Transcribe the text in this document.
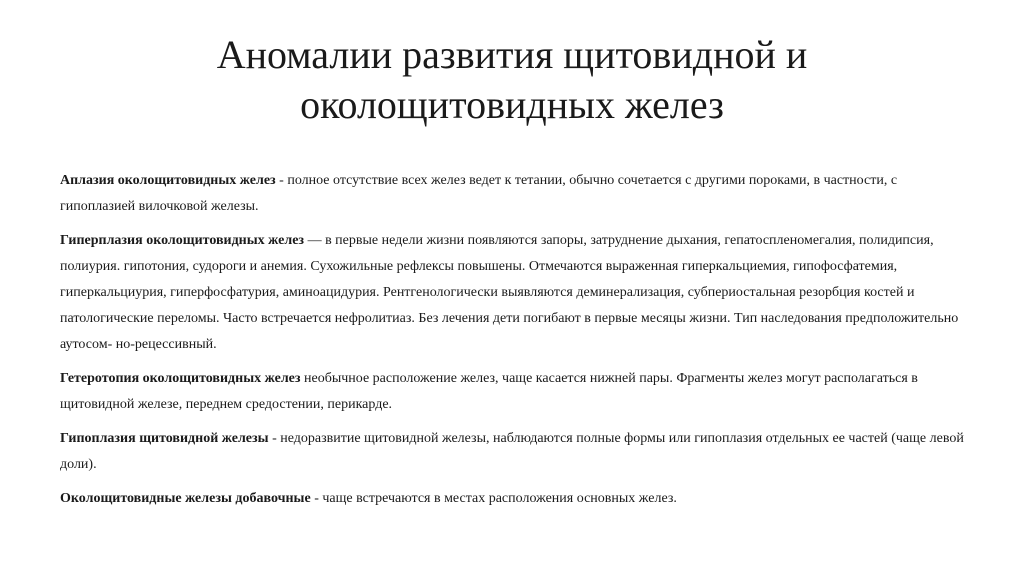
Аномалии развития щитовидной и околощитовидных желез

Аплазия околощитовидных желез - полное отсутствие всех желез ведет к тетании, обычно сочетается с другими пороками, в частности, с гипоплазией вилочковой железы.

Гиперплазия околощитовидных желез — в первые недели жизни появляются запоры, затруднение дыхания, гепатоспленомегалия, полидипсия, полиурия. гипотония, судороги и анемия. Сухожильные рефлексы повышены. Отмечаются выраженная гиперкальциемия, гипофосфатемия, гиперкальциурия, гиперфосфатурия, аминоацидурия. Рентгенологически выявляются деминерализация, субпериостальная резорбция костей и патологические переломы. Часто встречается нефролитиаз. Без лечения дети погибают в первые месяцы жизни. Тип наследования предположительно аутосом- но-рецессивный.

Гетеротопия околощитовидных желез необычное расположение желез, чаще касается нижней пары. Фрагменты желез могут располагаться в щитовидной железе, переднем средостении, перикарде.

Гипоплазия щитовидной железы - недоразвитие щитовидной железы, наблюдаются полные формы или гипоплазия отдельных ее частей (чаще левой доли).

Околощитовидные железы добавочные - чаще встречаются в местах расположения основных желез.
